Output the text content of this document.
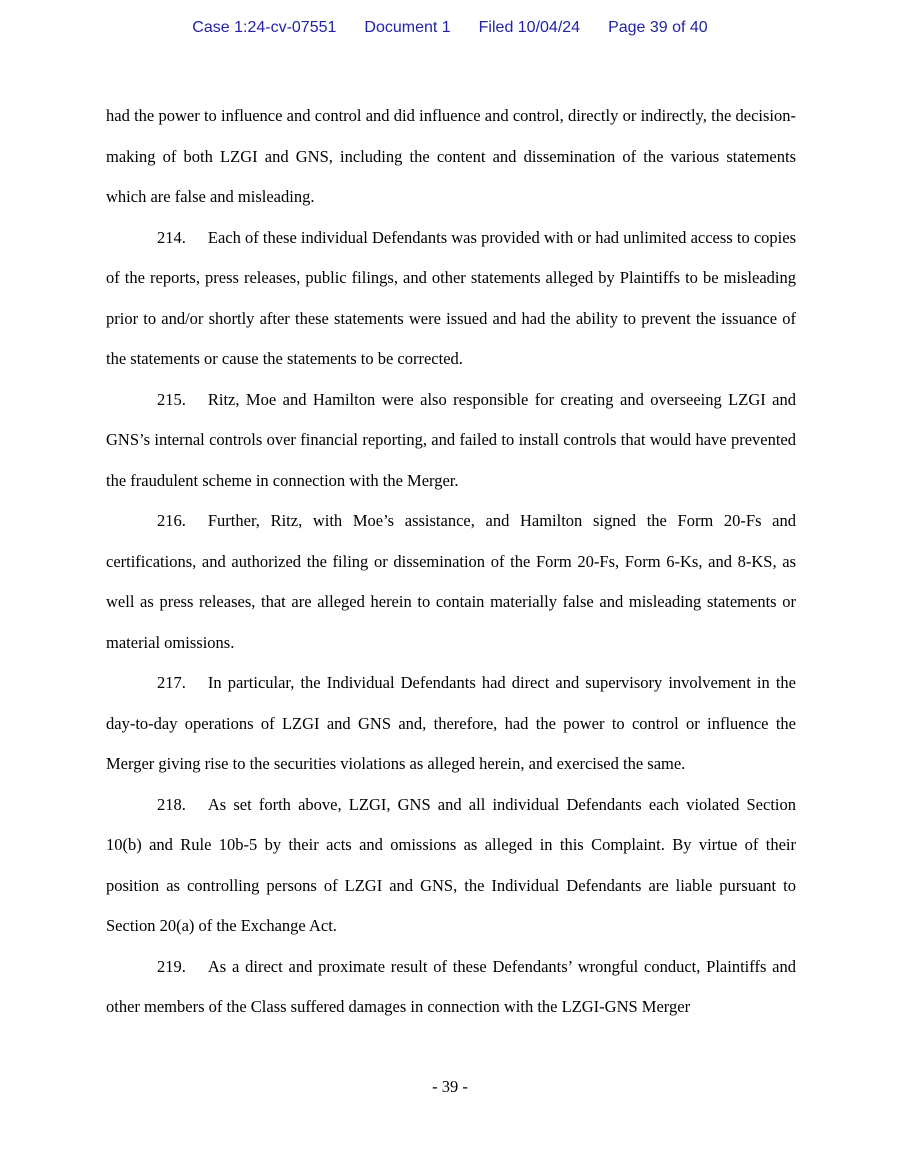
Case 1:24-cv-07551 Document 1 Filed 10/04/24 Page 39 of 40

had the power to influence and control and did influence and control, directly or indirectly, the decision-making of both LZGI and GNS, including the content and dissemination of the various statements which are false and misleading.

214. Each of these individual Defendants was provided with or had unlimited access to copies of the reports, press releases, public filings, and other statements alleged by Plaintiffs to be misleading prior to and/or shortly after these statements were issued and had the ability to prevent the issuance of the statements or cause the statements to be corrected.

215. Ritz, Moe and Hamilton were also responsible for creating and overseeing LZGI and GNS’s internal controls over financial reporting, and failed to install controls that would have prevented the fraudulent scheme in connection with the Merger.

216. Further, Ritz, with Moe’s assistance, and Hamilton signed the Form 20-Fs and certifications, and authorized the filing or dissemination of the Form 20-Fs, Form 6-Ks, and 8-KS, as well as press releases, that are alleged herein to contain materially false and misleading statements or material omissions.

217. In particular, the Individual Defendants had direct and supervisory involvement in the day-to-day operations of LZGI and GNS and, therefore, had the power to control or influence the Merger giving rise to the securities violations as alleged herein, and exercised the same.

218. As set forth above, LZGI, GNS and all individual Defendants each violated Section 10(b) and Rule 10b-5 by their acts and omissions as alleged in this Complaint. By virtue of their position as controlling persons of LZGI and GNS, the Individual Defendants are liable pursuant to Section 20(a) of the Exchange Act.

219. As a direct and proximate result of these Defendants’ wrongful conduct, Plaintiffs and other members of the Class suffered damages in connection with the LZGI-GNS Merger

- 39 -
